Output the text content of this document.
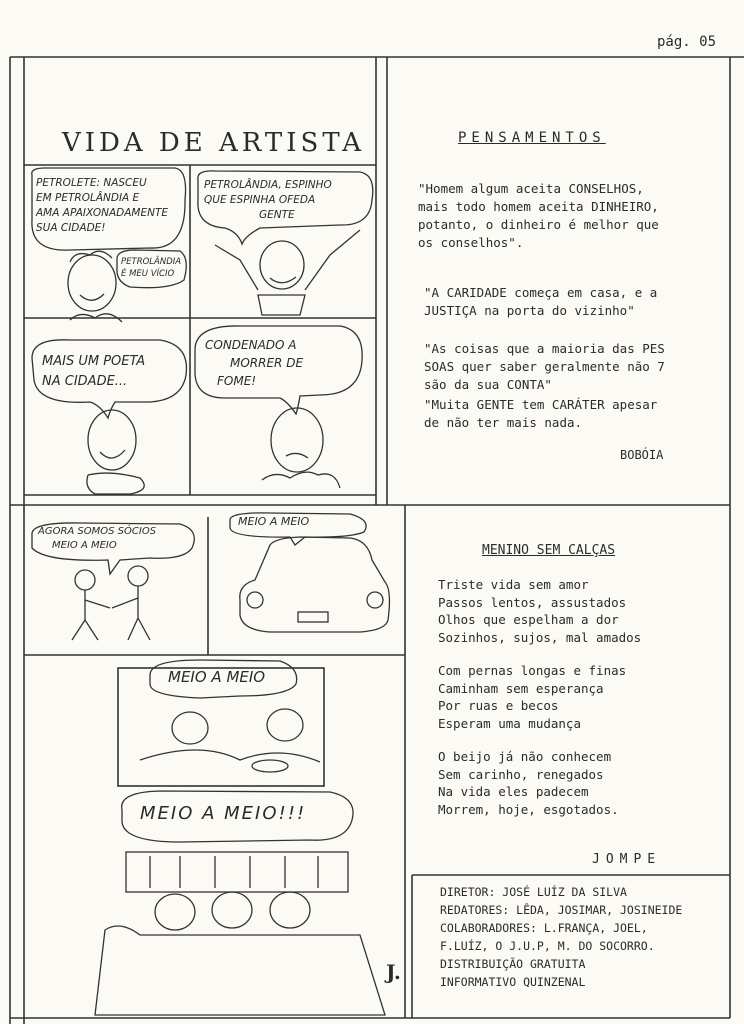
pág. 05
VIDA DE ARTISTA
PETROLETE: NASCEU
EM PETROLÂNDIA E
AMA APAIXONADAMENTE
SUA CIDADE!
PETROLÂNDIA
É MEU VÍCIO
PETROLÂNDIA, ESPINHO
QUE ESPINHA OFEDA
GENTE
MAIS UM POETA
NA CIDADE...
CONDENADO A
MORRER DE
FOME!
PENSAMENTOS
"Homem algum aceita CONSELHOS,
mais todo homem aceita DINHEIRO,
potanto, o dinheiro é melhor que
os conselhos".
"A CARIDADE começa em casa, e a
JUSTIÇA na porta do vizinho"
"As coisas que a maioria das PES
SOAS quer saber geralmente não 7
são da sua CONTA"
"Muita GENTE tem CARÁTER apesar
de não ter mais nada.
BOBÓIA
AGORA SOMOS SÓCIOS
MEIO A MEIO
MEIO A MEIO
MEIO A MEIO
MEIO A MEIO!!!
J.
MENINO SEM CALÇAS
Triste vida sem amor
Passos lentos, assustados
Olhos que espelham a dor
Sozinhos, sujos, mal amados
Com pernas longas e finas
Caminham sem esperança
Por ruas e becos
Esperam uma mudança
O beijo já não conhecem
Sem carinho, renegados
Na vida eles padecem
Morrem, hoje, esgotados.
JOMPE
DIRETOR: JOSÉ LUÍZ DA SILVA
REDATORES: LÊDA, JOSIMAR, JOSINEIDE
COLABORADORES: L.FRANÇA, JOEL,
F.LUÍZ, O J.U.P, M. DO SOCORRO.
DISTRIBUIÇÃO GRATUITA
INFORMATIVO QUINZENAL
